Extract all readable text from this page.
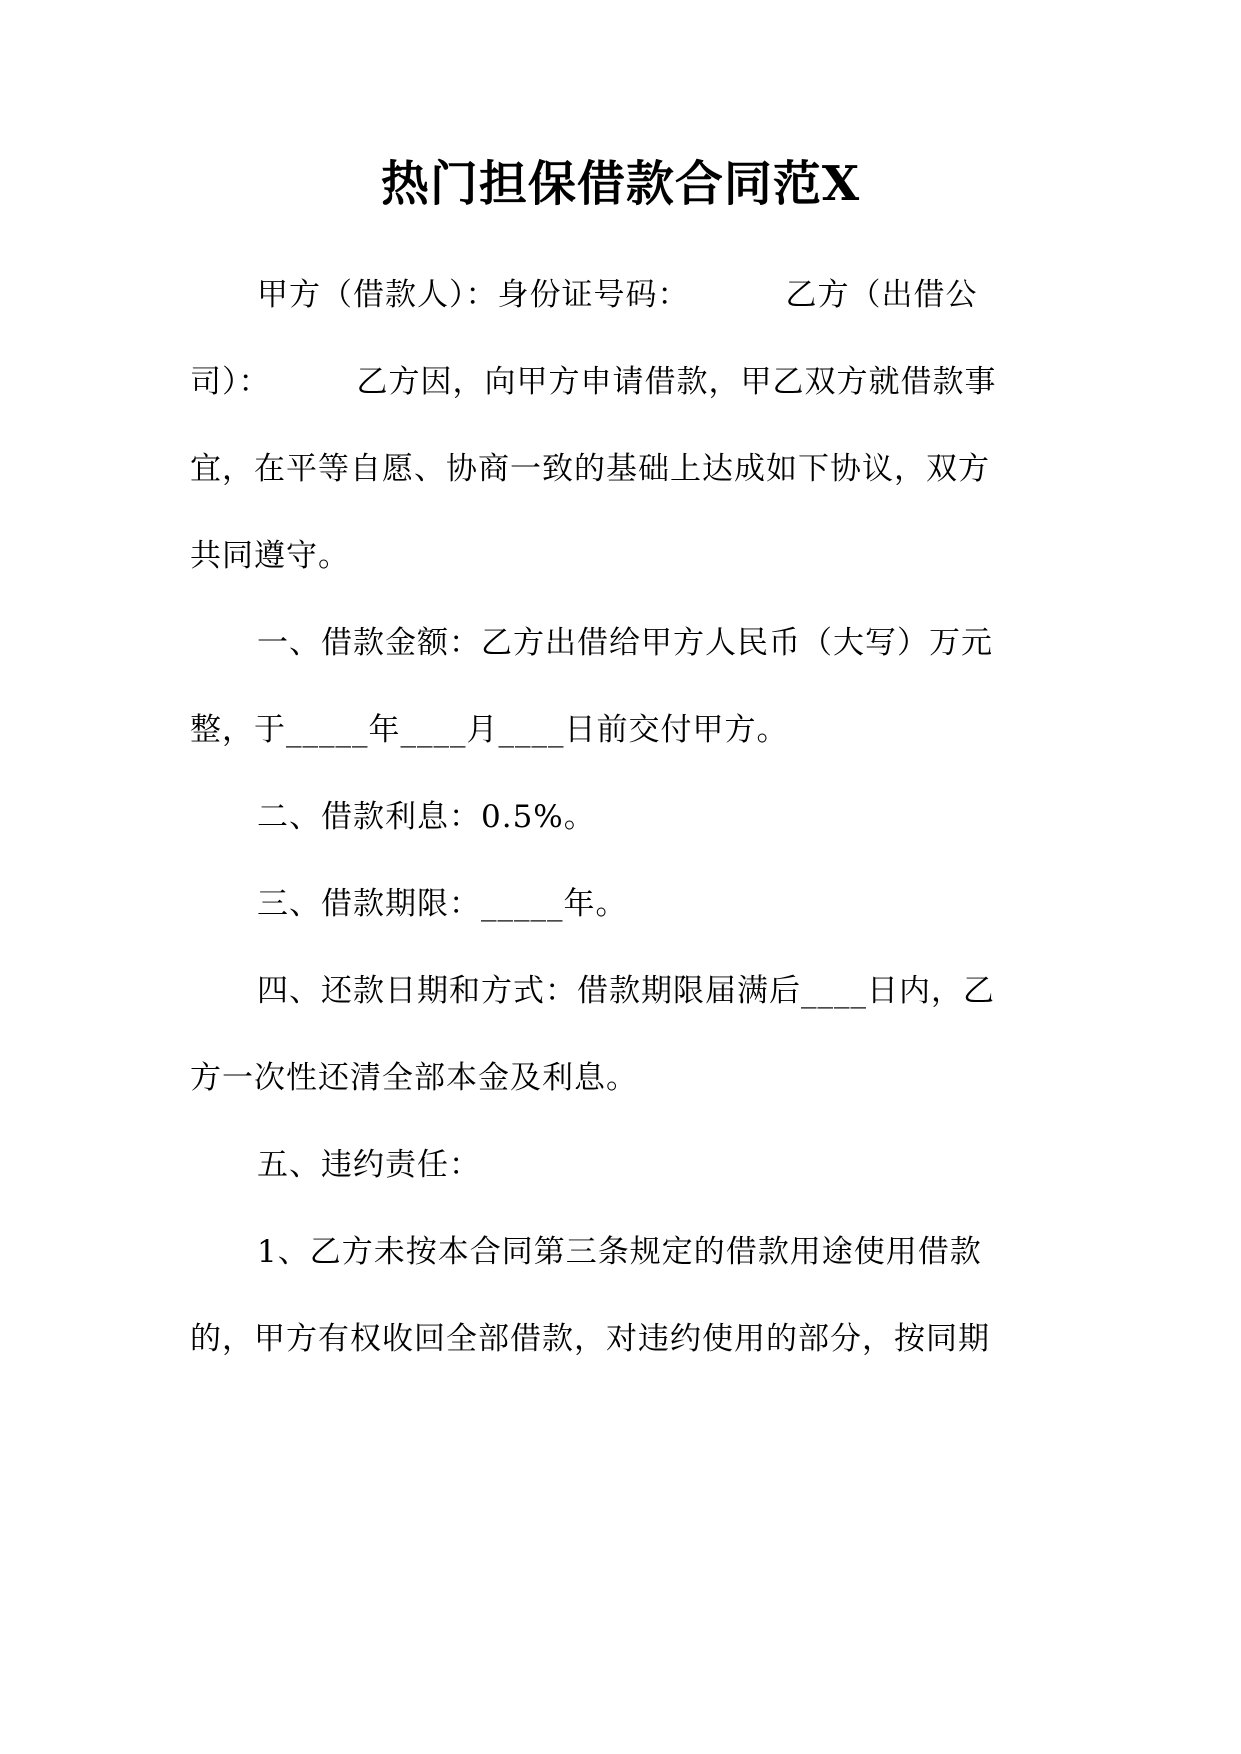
热门担保借款合同范X
甲方（借款人）：身份证号码：	乙方（出借公
司）：	乙方因，向甲方申请借款，甲乙双方就借款事
宜，在平等自愿、协商一致的基础上达成如下协议，双方
共同遵守。
一、借款金额：乙方出借给甲方人民币（大写）万元
整，于_____年____月____日前交付甲方。
二、借款利息：0.5%。
三、借款期限：_____年。
四、还款日期和方式：借款期限届满后____日内，乙
方一次性还清全部本金及利息。
五、违约责任：
1、乙方未按本合同第三条规定的借款用途使用借款
的，甲方有权收回全部借款，对违约使用的部分，按同期
